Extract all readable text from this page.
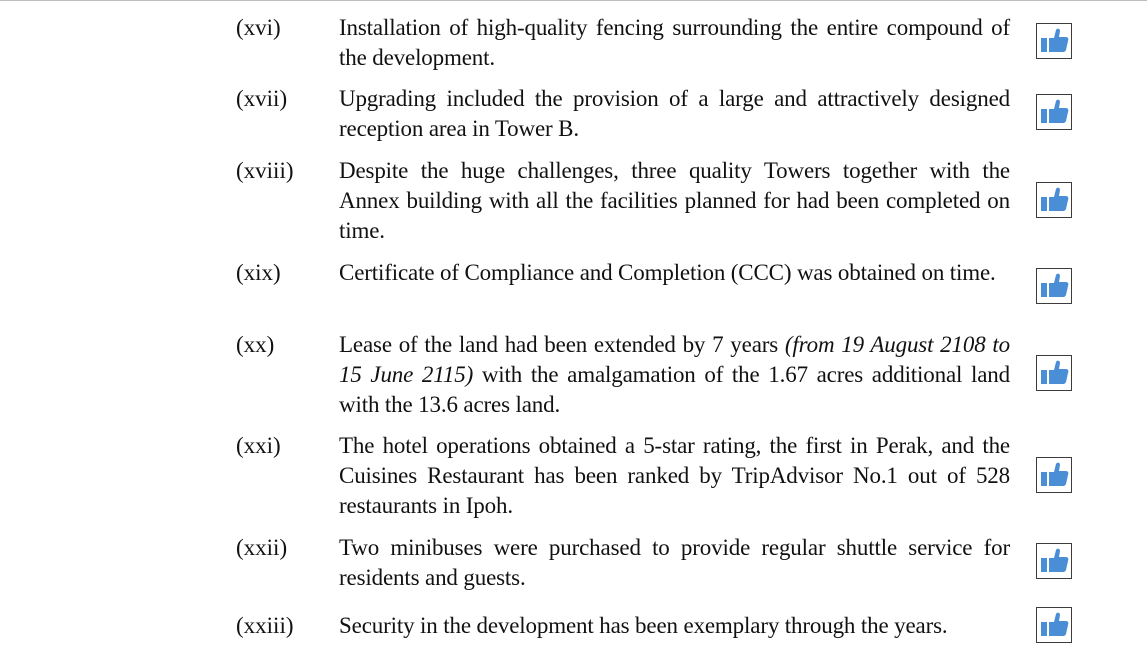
(xvi)	Installation of high-quality fencing surrounding the entire compound of the development.
(xvii) Upgrading included the provision of a large and attractively designed reception area in Tower B.
(xviii) Despite the huge challenges, three quality Towers together with the Annex building with all the facilities planned for had been completed on time.
(xix)	Certificate of Compliance and Completion (CCC) was obtained on time.
(xx)	Lease of the land had been extended by 7 years (from 19 August 2108 to 15 June 2115) with the amalgamation of the 1.67 acres additional land with the 13.6 acres land.
(xxi)	The hotel operations obtained a 5-star rating, the first in Perak, and the Cuisines Restaurant has been ranked by TripAdvisor No.1 out of 528 restaurants in Ipoh.
(xxii) Two minibuses were purchased to provide regular shuttle service for residents and guests.
(xxiii) Security in the development has been exemplary through the years.
